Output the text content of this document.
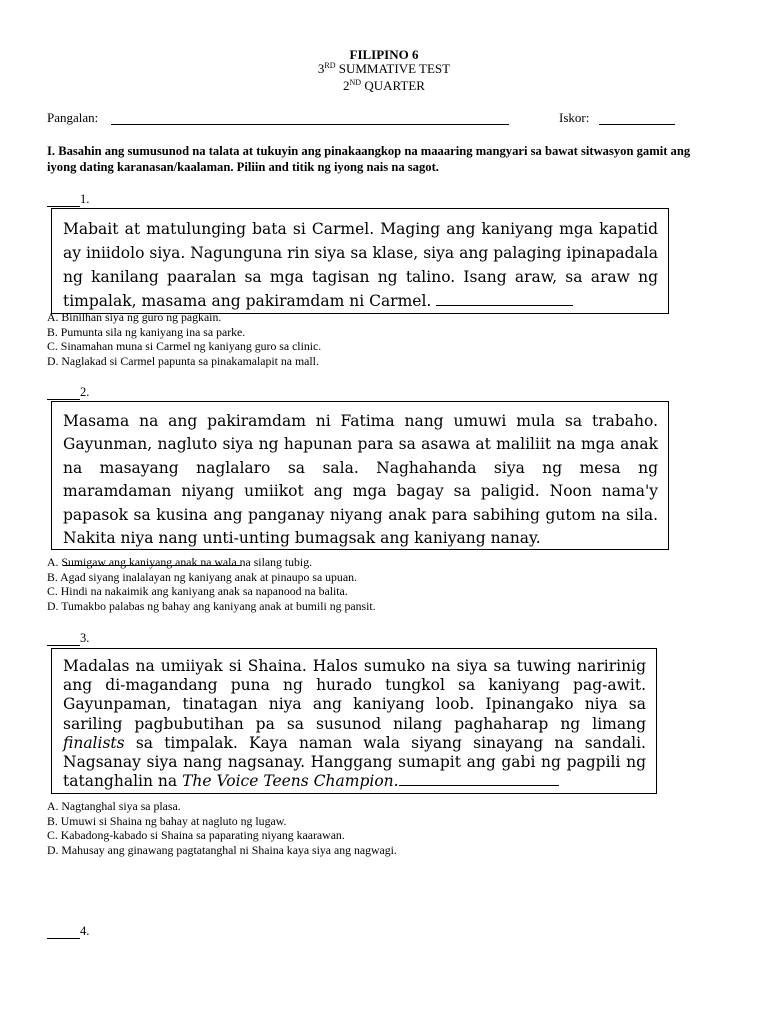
FILIPINO 6
3RD SUMMATIVE TEST
2ND QUARTER
Pangalan:	Iskor:
I. Basahin ang sumusunod na talata at tukuyin ang pinakaangkop na maaaring mangyari sa bawat sitwasyon gamit ang iyong dating karanasan/kaalaman. Piliin and titik ng iyong nais na sagot.
1.
Mabait at matulunging bata si Carmel. Maging ang kaniyang mga kapatid ay iniidolo siya. Nagunguna rin siya sa klase, siya ang palaging ipinapadala ng kanilang paaralan sa mga tagisan ng talino. Isang araw, sa araw ng timpalak, masama ang pakiramdam ni Carmel.
A. Binilhan siya ng guro ng pagkain.
B. Pumunta sila ng kaniyang ina sa parke.
C. Sinamahan muna si Carmel ng kaniyang guro sa clinic.
D. Naglakad si Carmel papunta sa pinakamalapit na mall.
2.
Masama na ang pakiramdam ni Fatima nang umuwi mula sa trabaho. Gayunman, nagluto siya ng hapunan para sa asawa at maliliit na mga anak na masayang naglalaro sa sala. Naghahanda siya ng mesa ng maramdaman niyang umiikot ang mga bagay sa paligid. Noon nama'y papasok sa kusina ang panganay niyang anak para sabihing gutom na sila. Nakita niya nang unti-unting bumagsak ang kaniyang nanay.

A. Sumigaw ang kaniyang anak na wala na silang tubig.
B. Agad siyang inalalayan ng kaniyang anak at pinaupo sa upuan.
C. Hindi na nakaimik ang kaniyang anak sa napanood na balita.
D. Tumakbo palabas ng bahay ang kaniyang anak at bumili ng pansit.
3.
Madalas na umiiyak si Shaina. Halos sumuko na siya sa tuwing naririnig ang di-magandang puna ng hurado tungkol sa kaniyang pag-awit. Gayunpaman, tinatagan niya ang kaniyang loob. Ipinangako niya sa sariling pagbubutihan pa sa susunod nilang paghaharap ng limang finalists sa timpalak. Kaya naman wala siyang sinayang na sandali. Nagsanay siya nang nagsanay. Hanggang sumapit ang gabi ng pagpili ng tatanghalin na The Voice Teens Champion.
A. Nagtanghal siya sa plasa.
B. Umuwi si Shaina ng bahay at nagluto ng lugaw.
C. Kabadong-kabado si Shaina sa paparating niyang kaarawan.
D. Mahusay ang ginawang pagtatanghal ni Shaina kaya siya ang nagwagi.
4.
